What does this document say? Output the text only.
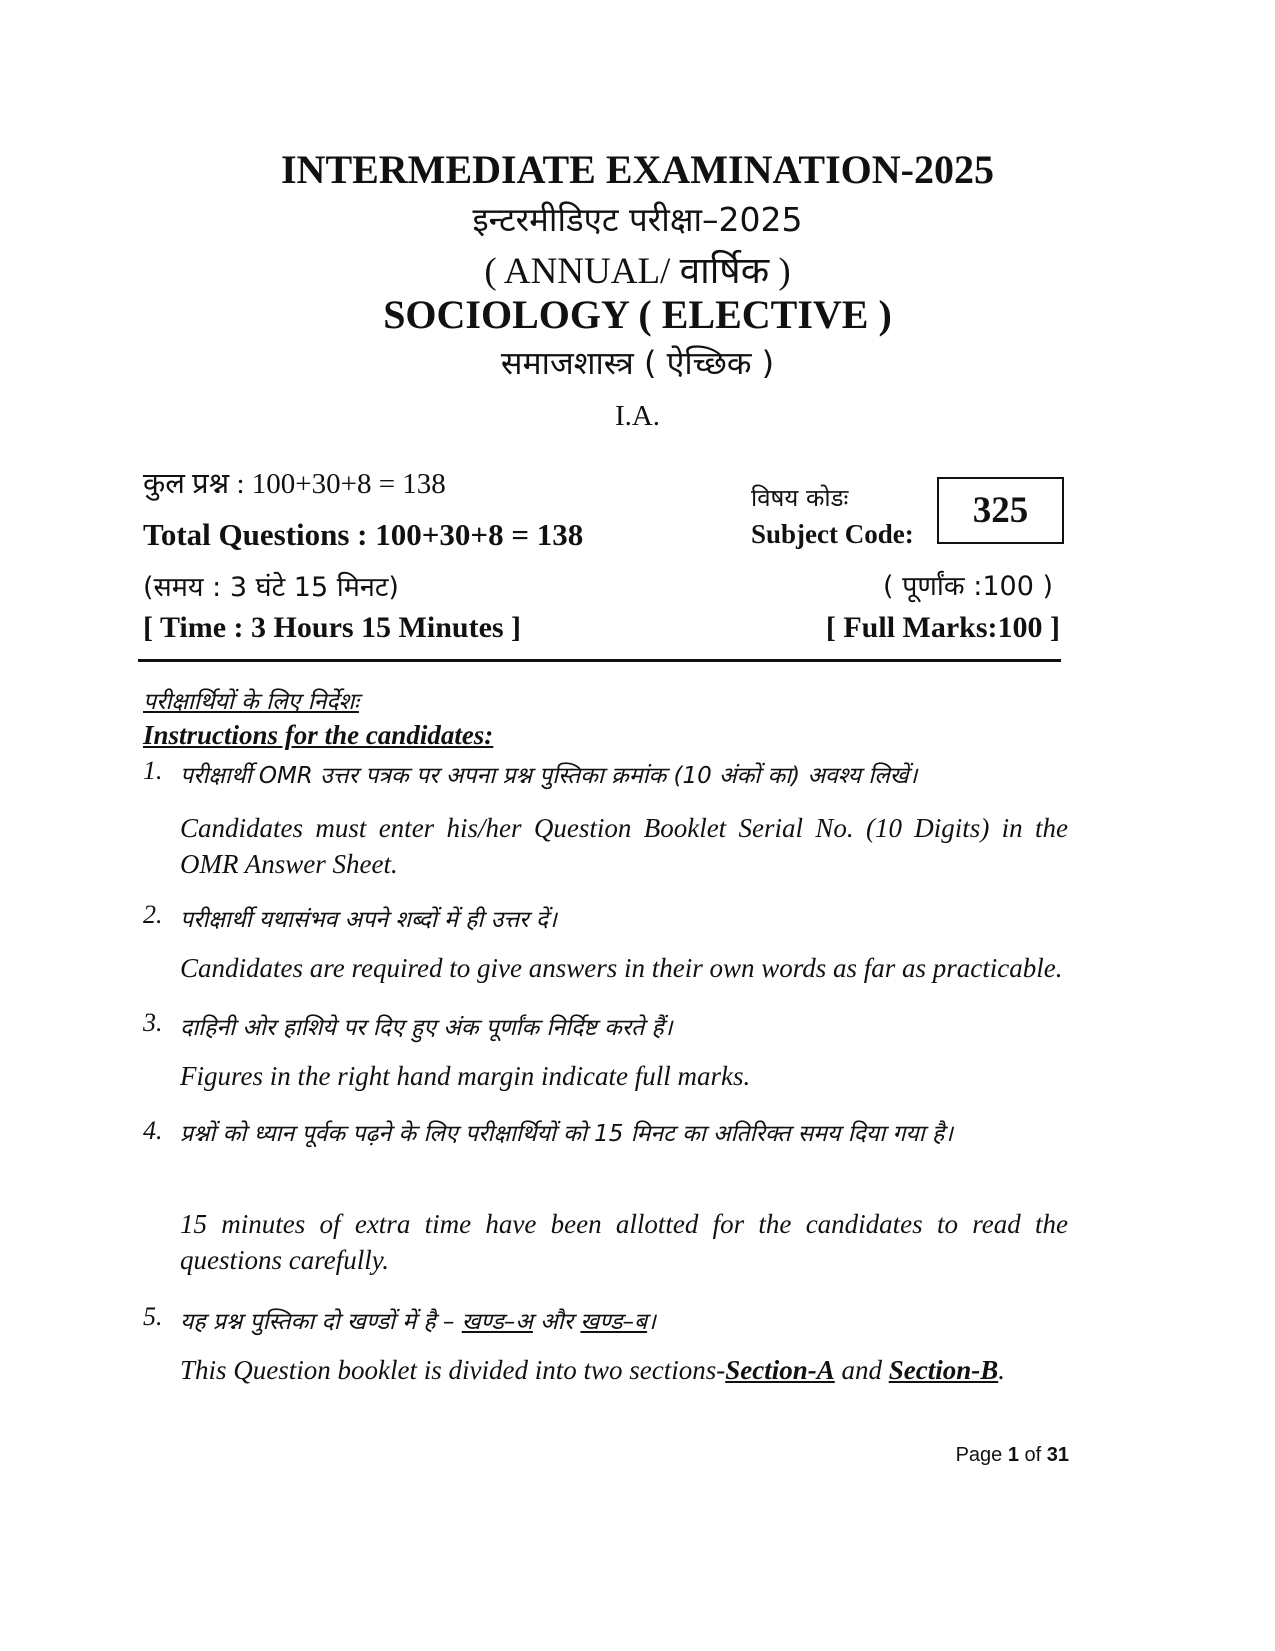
INTERMEDIATE EXAMINATION-2025
इन्टरमीडिएट परीक्षा–2025
( ANNUAL/ वार्षिक )
SOCIOLOGY ( ELECTIVE )
समाजशास्त्र ( ऐच्छिक )
I.A.
कुल प्रश्न : 100+30+8 = 138
Total Questions : 100+30+8 = 138
(समय : 3 घंटे 15 मिनट)
[ Time : 3 Hours 15 Minutes ]
विषय कोडः
Subject Code:
325
( पूर्णांक :100 )
[ Full Marks:100 ]
परीक्षार्थियों के लिए निर्देशः
Instructions for the candidates:
1. परीक्षार्थी OMR उत्तर पत्रक पर अपना प्रश्न पुस्तिका क्रमांक (10 अंकों का) अवश्य लिखें।
Candidates must enter his/her Question Booklet Serial No. (10 Digits) in the OMR Answer Sheet.
2. परीक्षार्थी यथासंभव अपने शब्दों में ही उत्तर दें।
Candidates are required to give answers in their own words as far as practicable.
3. दाहिनी ओर हाशिये पर दिए हुए अंक पूर्णांक निर्दिष्ट करते हैं।
Figures in the right hand margin indicate full marks.
4. प्रश्नों को ध्यान पूर्वक पढ़ने के लिए परीक्षार्थियों को 15 मिनट का अतिरिक्त समय दिया गया है।
15 minutes of extra time have been allotted for the candidates to read the questions carefully.
5. यह प्रश्न पुस्तिका दो खण्डों में है – खण्ड–अ और खण्ड–ब।
This Question booklet is divided into two sections-Section-A and Section-B.
Page 1 of 31
